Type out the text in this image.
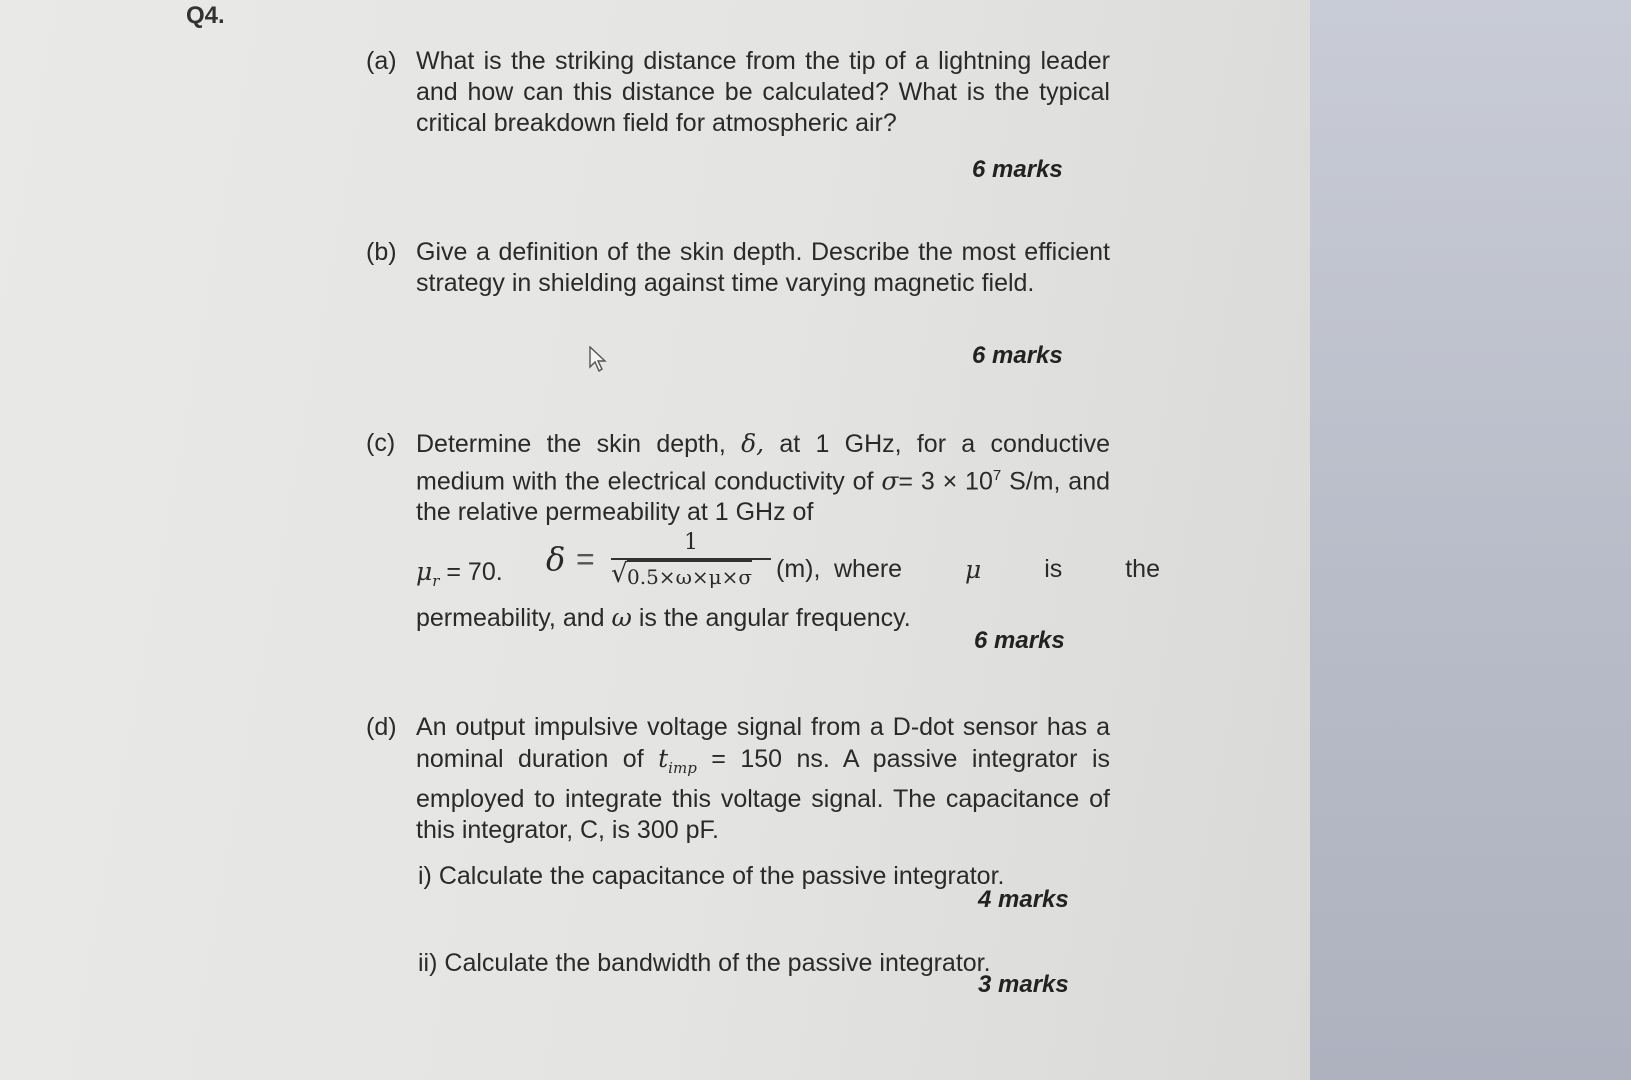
Q4.
(a) What is the striking distance from the tip of a lightning leader and how can this distance be calculated? What is the typical critical breakdown field for atmospheric air?
6 marks
(b) Give a definition of the skin depth. Describe the most efficient strategy in shielding against time varying magnetic field.
6 marks
(c) Determine the skin depth, δ, at 1 GHz, for a conductive medium with the electrical conductivity of $\sigma= 3 \times 10^7$ S/m, and the relative permeability at 1 GHz of
$\mu_r = 70$. δ =	1
√ 0.5×ω×μ×σ (m), where	μ	is	the
permeability, and ω is the angular frequency.
6 marks
(d) An output impulsive voltage signal from a D-dot sensor has a nominal duration of $t_{imp} = 150$ ns. A passive integrator is employed to integrate this voltage signal. The capacitance of this integrator, C, is 300 pF.
i) Calculate the capacitance of the passive integrator.
4 marks
ii) Calculate the bandwidth of the passive integrator.
3 marks
